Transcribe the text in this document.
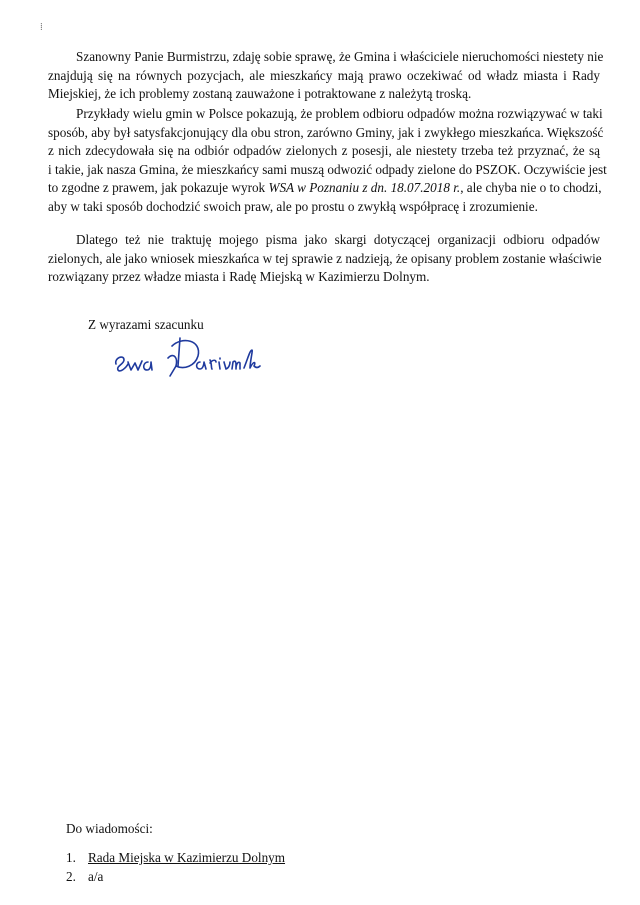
⁞
Szanowny Panie Burmistrzu, zdaję sobie sprawę, że Gmina i właściciele nieruchomości niestety nie
znajdują się na równych pozycjach, ale mieszkańcy mają prawo oczekiwać od władz miasta i Rady
Miejskiej, że ich problemy zostaną zauważone i potraktowane z należytą troską.
Przykłady wielu gmin w Polsce pokazują, że problem odbioru odpadów można rozwiązywać w taki
sposób, aby był satysfakcjonujący dla obu stron, zarówno Gminy, jak i zwykłego mieszkańca. Większość
z nich zdecydowała się na odbiór odpadów zielonych z posesji, ale niestety trzeba też przyznać, że są
i takie, jak nasza Gmina, że mieszkańcy sami muszą odwozić odpady zielone do PSZOK. Oczywiście jest
to zgodne z prawem, jak pokazuje wyrok WSA w Poznaniu z dn. 18.07.2018 r., ale chyba nie o to chodzi,
aby w taki sposób dochodzić swoich praw, ale po prostu o zwykłą współpracę i zrozumienie.
Dlatego też nie traktuję mojego pisma jako skargi dotyczącej organizacji odbioru odpadów
zielonych, ale jako wniosek mieszkańca w tej sprawie z nadzieją, że opisany problem zostanie właściwie
rozwiązany przez władze miasta i Radę Miejską w Kazimierzu Dolnym.
Z wyrazami szacunku
Do wiadomości:
1. Rada Miejska w Kazimierzu Dolnym
2. a/a
